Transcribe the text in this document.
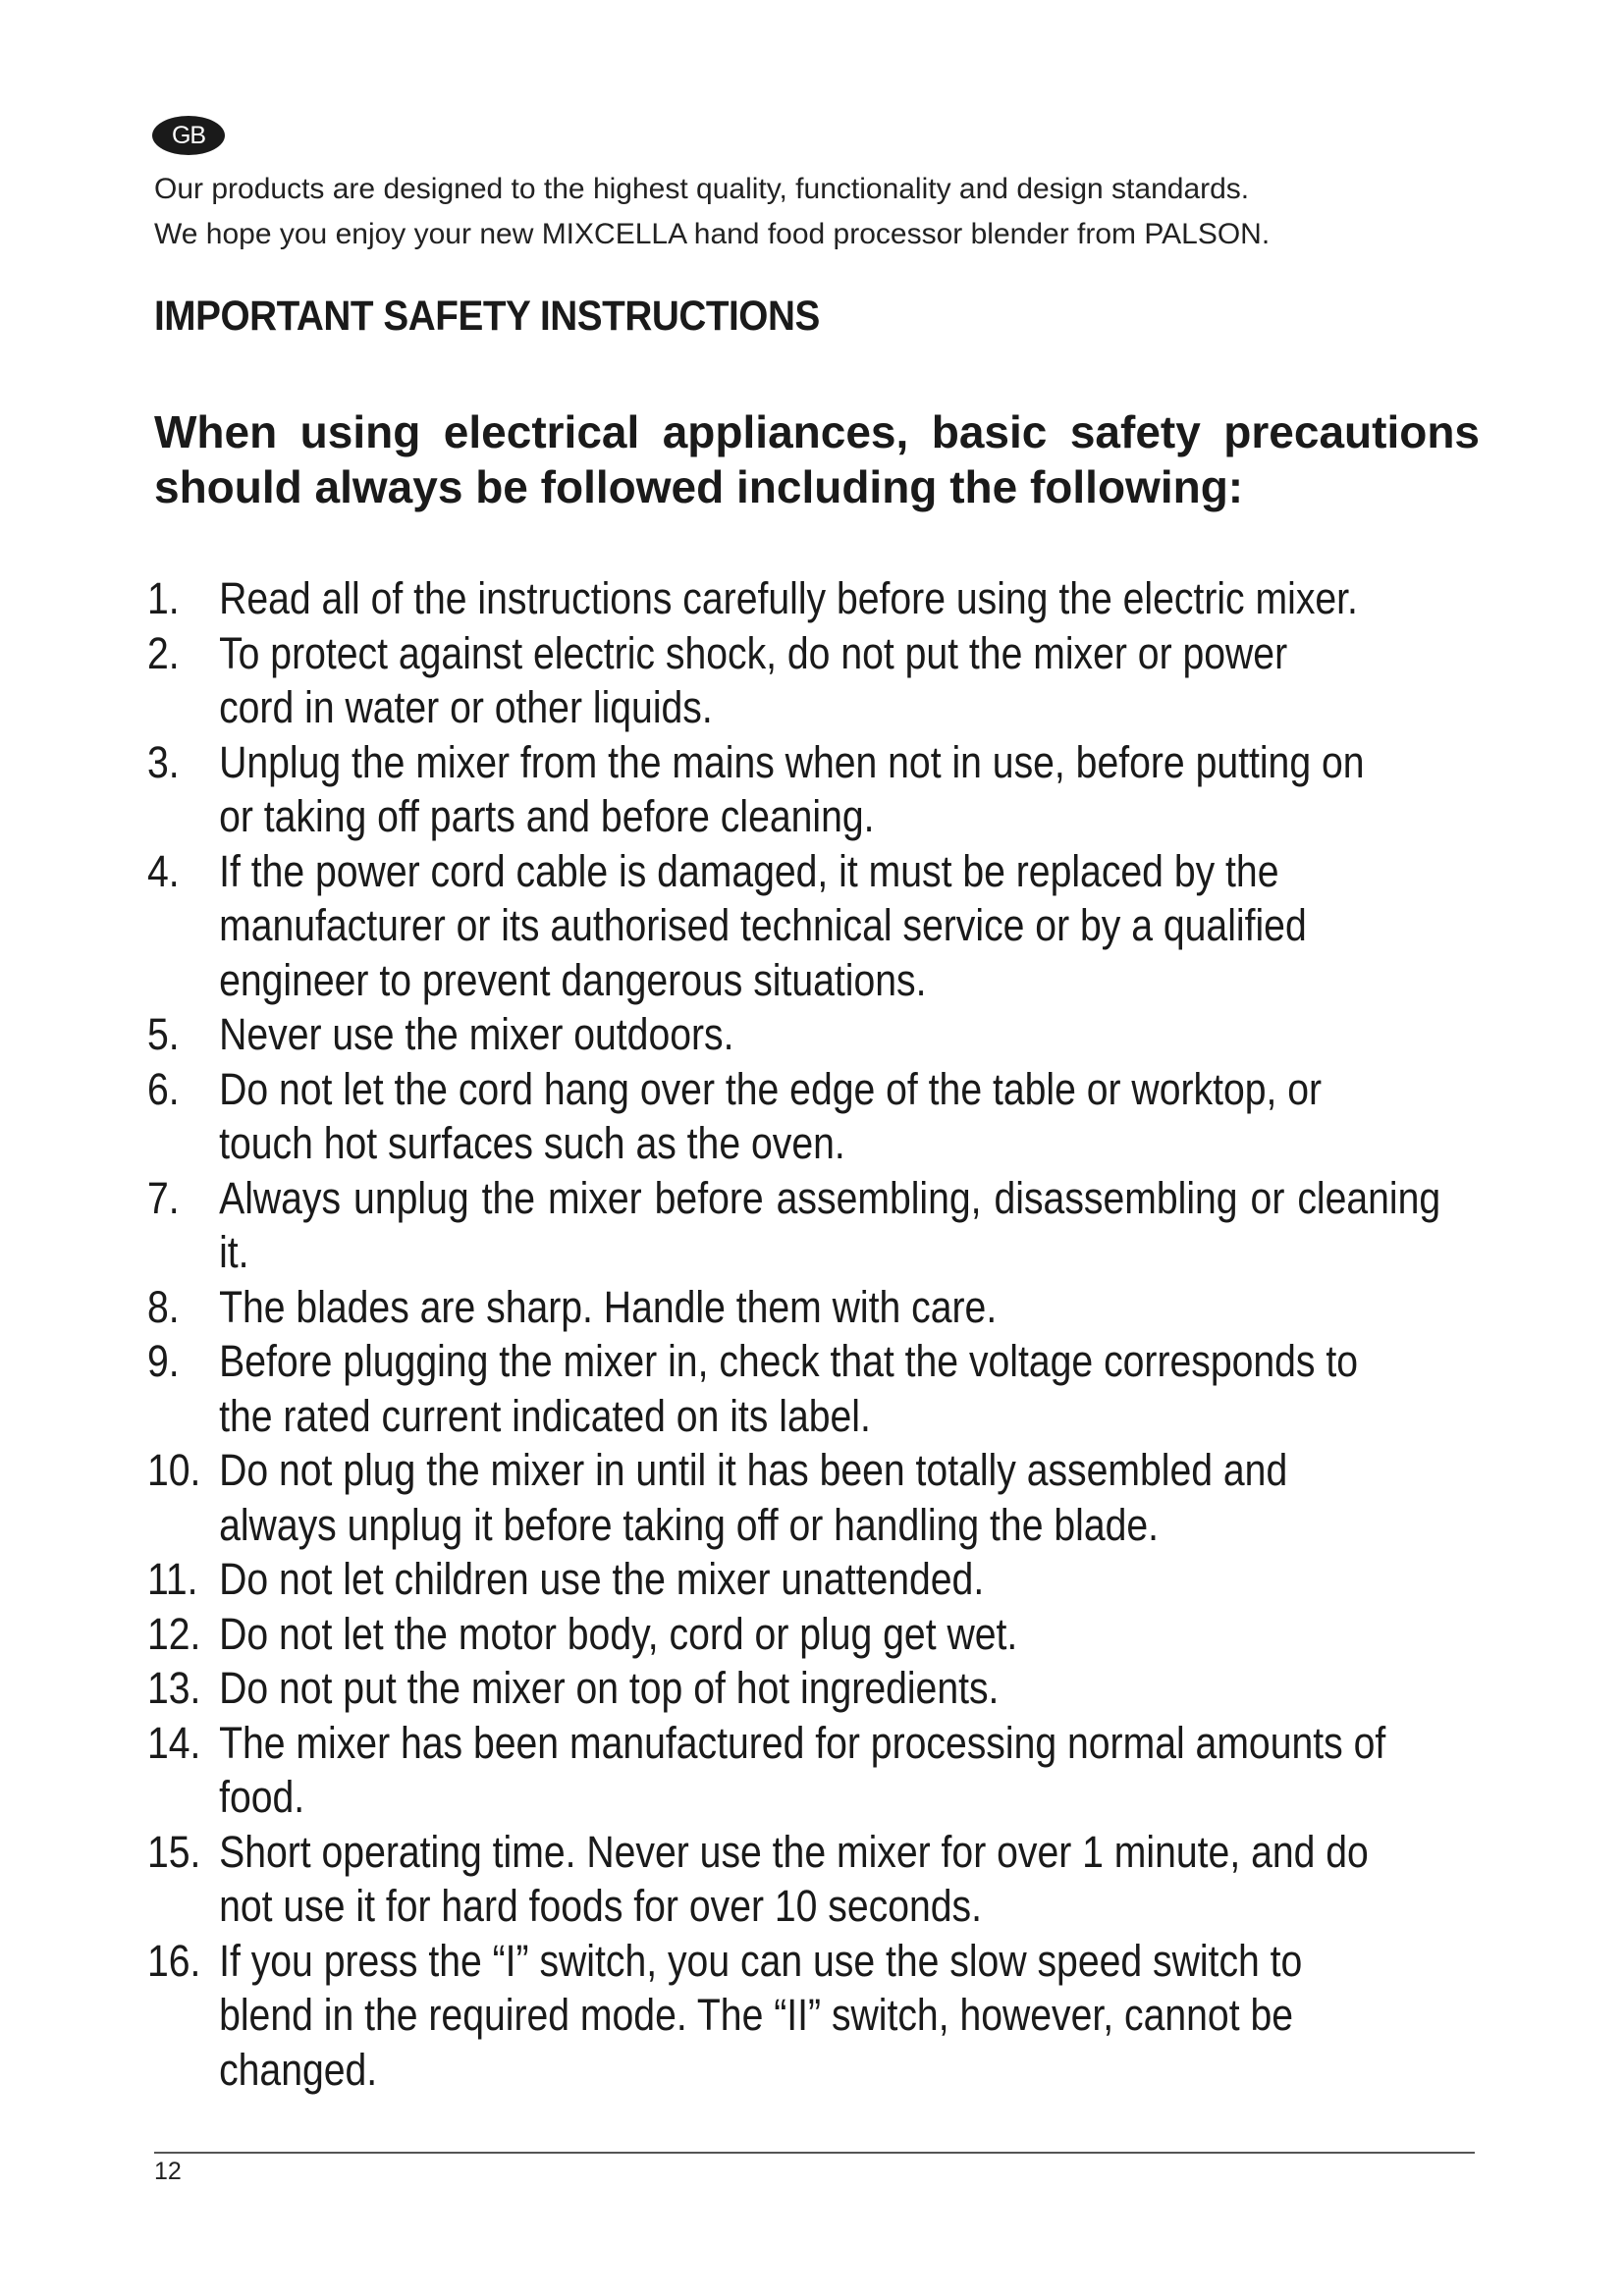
GB

Our products are designed to the highest quality, functionality and design standards.

We hope you enjoy your new MIXCELLA hand food processor blender from PALSON.

IMPORTANT SAFETY INSTRUCTIONS
When using electrical appliances, basic safety precautions should always be followed including the following:
1. Read all of the instructions carefully before using the electric mixer.
2. To protect against electric shock, do not put the mixer or power cord in water or other liquids.
3. Unplug the mixer from the mains when not in use, before putting on or taking off parts and before cleaning.
4. If the power cord cable is damaged, it must be replaced by the manufacturer or its authorised technical service or by a qualified engineer to prevent dangerous situations.
5. Never use the mixer outdoors.
6. Do not let the cord hang over the edge of the table or worktop, or touch hot surfaces such as the oven.
7. Always unplug the mixer before assembling, disassembling or cleaning it.
8. The blades are sharp. Handle them with care.
9. Before plugging the mixer in, check that the voltage corresponds to the rated current indicated on its label.
10. Do not plug the mixer in until it has been totally assembled and always unplug it before taking off or handling the blade.
11. Do not let children use the mixer unattended.
12. Do not let the motor body, cord or plug get wet.
13. Do not put the mixer on top of hot ingredients.
14. The mixer has been manufactured for processing normal amounts of food.
15. Short operating time. Never use the mixer for over 1 minute, and do not use it for hard foods for over 10 seconds.
16. If you press the “I” switch, you can use the slow speed switch to blend in the required mode. The “II” switch, however, cannot be changed.
12
